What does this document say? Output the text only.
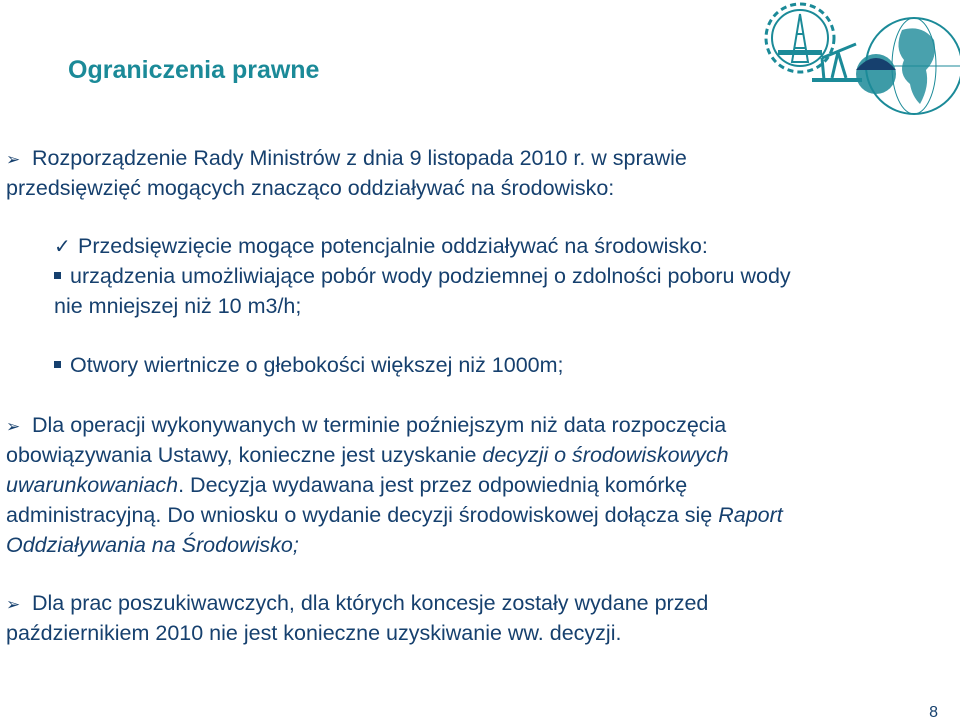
Ograniczenia prawne
➢ Rozporządzenie Rady Ministrów z dnia 9 listopada 2010 r. w sprawie
przedsięwzięć mogących znacząco oddziaływać na środowisko:
✓ Przedsięwzięcie mogące potencjalnie oddziaływać na środowisko:
urządzenia umożliwiające pobór wody podziemnej o zdolności poboru wody
nie mniejszej niż 10 m3/h;
Otwory wiertnicze o głebokości większej niż 1000m;
➢ Dla operacji wykonywanych w terminie poźniejszym niż data rozpoczęcia
obowiązywania Ustawy, konieczne jest uzyskanie decyzji o środowiskowych
uwarunkowaniach. Decyzja wydawana jest przez odpowiednią komórkę
administracyjną. Do wniosku o wydanie decyzji środowiskowej dołącza się Raport
Oddziaływania na Środowisko;
➢ Dla prac poszukiwawczych, dla których koncesje zostały wydane przed
październikiem 2010 nie jest konieczne uzyskiwanie ww. decyzji.
8
